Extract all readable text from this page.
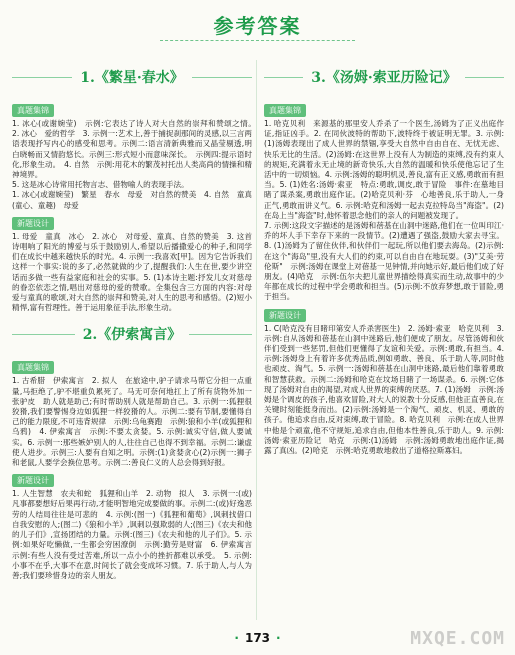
参考答案
1.《繁星·春水》
真题集锦

1. 冰心(或谢婉莹)　示例:它表达了诗人对大自然的崇拜和赞颂之情。　2. 冰心　爱的哲学　3. 示例一:艺术上,善于捕捉刹那间的灵感,以三言两语表现抒写内心的感受和思考。示例二:语言清新典雅而又晶莹剔透,明白晓畅而又情韵悠长。示例三:形式短小而意味深长。　示例四:提示语时化,形象生动。　4. 自然　示例:用花木的繁茂衬托出人类高尚的情操和精神境界。

5. 这是冰心诗常用托物言志、借物喻人的表现手法。

1. 冰心(或谢婉莹)　繁星　春水　母爱　对自然的赞美　4. 自然　童真(童心、童趣)　母爱

新题设计

1. 母爱　童真　冰心　2. 冰心　对母爱、童真、自然的赞美　3. 这首诗唱响了阳光的博爱与乐于鼓励别人,希望以后播撒爱心的种子,和同学们在成长中越来越快乐的时光。4. 示例一:我喜欢[甲]。因为它告诉我们这样一个事实:说的多了,必然就做的少了,提醒我们:人生在世,要少讲空话而多做一些有益家庭和社会的实事。5. (1)本诗主题:抒发儿女对慈母的眷恋依恋之情,唱出对慈母的爱的赞歌。全集包含三方面的内容:对母爱与童真的歌颂,对大自然的崇拜和赞美,对人生的思考和感悟。(2)短小精悍,富有哲理性。善于运用象征手法,形象生动。

2.《伊索寓言》
真题集锦

1. 古希腊　伊索寓言　2. 拟人　在旅途中,驴子请求马帮它分担一点重量,马拒绝了,驴不堪重负累死了。马无可奈何地扛上了所有货物外加一张驴皮　助人就是助己;有时帮助别人就是帮助自己。3. 示例一:狐狸很狡猾,我们要警惕身边如狐狸一样狡猾的人。示例二:要有节制,要懂得自己的能力限度,不可违背规律　示例:乌龟赛跑　示例:狼和小羊(或狐狸和乌鸦)　4. 伊索寓言　示例:不要太贪婪。5. 示例:诚实守信,做人要诚实。6. 示例一:那些嫉妒别人的人,往往自己也得不到幸福。示例二:谦虚使人进步。示例三:人要有自知之明。示例:(1)贪婪贪心(2)示例一:狮子和老鼠,人要学会换位思考。示例二:善良仁义的人总会得到好报。

新题设计

1. 人生智慧　农夫和蛇　狐狸和山羊　2. 动物　拟人　3. 示例一:(或)凡事都要想好后果再行动,才能明智地完成要做的事。示例二:(或)好逸恶劳的人结局往往是可悲的　4. 示例:(图一)《狐狸和葡萄》,讽刺找借口自我安慰的人;(图二)《狼和小羊》,讽刺以强欺弱的人;(图三)《农夫和他的儿子们》,宣扬团结的力量。示例:(图三)《农夫和他的儿子们》。5. 示例:如果好吃懒做,一生都会穷困潦倒　示例:勤劳是财富　6. 伊索寓言　示例:有些人没有受过苦难,所以一点小小的挫折都难以承受。　5. 示例:小事不在乎,大事不在意,时间长了就会变成坏习惯。7. 乐于助人,与人为善;我们要珍惜身边的亲人朋友。

3.《汤姆·索亚历险记》
真题集锦

1. 哈克贝利　来源基的那里安人乔杀了一个医生,汤姆为了正义出庭作证,指证凶手。2. 在同伙波特的帮助下,波特终于被证明无罪。3. 示例:(1)汤姆表现出了成人世界的禁锢,享受大自然中自由自在、无忧无虑、快乐无比的生活。(2)汤姆:在这世界上没有人为制造的束缚,没有约束人的规矩,充满着永无止境的新奇快乐,大自然的温暖和快乐使他忘记了生活中的一切烦恼。4. 示例:汤姆的聪明机灵,善良,富有正义感,勇敢而有担当。5. (1)姓名:汤姆·索亚　特点:勇敢,调皮,敢于冒险　事件:在墓地目睹了谋杀案,勇敢出庭作证。(2)哈克贝利·芬　心地善良,乐于助人,一身正气,勇敢而讲义气。6. 示例:哈克和汤姆一起去克拉特岛当"海盗"。(2)在岛上当"海盗"时,他怀着思念他们的亲人的问题被发现了。

7. 示例:这段文字描述的是汤姆和蓓基在山洞中迷路,他们在一位叫印江·乔的坏人手下幸存下来的一段情节。(2)遭遇了强盗,鼓励大家去寻宝。8. (1)汤姆为了留住伙伴,和伙伴们一起玩,所以他们要去海岛。(2)示例:在这个"海岛"里,没有大人们的约束,可以自由自在地玩耍。(3)"艾美·劳伦斯"　示例:汤姆在课堂上对蓓基一见钟情,并向她示好,最后他们成了好朋友。(4)哈克　示例:伍尔夫把儿童世界描绘得真实而生动,故事中的少年都在成长的过程中学会勇敢和担当。(5)示例:不放弃梦想,敢于冒险,勇于担当。

新题设计

1. C(哈克没有目睹印第安人乔杀害医生)　2. 汤姆·索亚　哈克贝利　3. 示例:自从汤姆和蓓基在山洞中迷路后,他们便成了朋友。尽管汤姆和伙伴们受到一些惩罚,但他们更懂得了友谊和关爱。示例:勇敢,有担当。4. 示例:汤姆身上有着许多优秀品质,例如勇敢、善良、乐于助人等,同时他也顽皮、淘气。5. 示例一:汤姆和蓓基在山洞中迷路,最后他们靠着勇敢和智慧获救。示例二:汤姆和哈克在坟场目睹了一场谋杀。6. 示例:它体现了汤姆对自由的渴望,对成人世界的束缚的厌恶。7. (1)汤姆　示例:汤姆是个调皮的孩子,他喜欢冒险,对大人的说教十分反感,但他正直善良,在关键时刻能挺身而出。(2)示例:汤姆是一个淘气、顽皮、机灵、勇敢的孩子。他追求自由,反对束缚,敢于冒险。8. 哈克贝利　示例:在成人世界中他是个顽童,他不守规矩,追求自由,但他本性善良,乐于助人。9. 示例:汤姆·索亚历险记　哈克　示例:(1)汤姆　示例:汤姆勇敢地出庭作证,揭露了真凶。(2)哈克　示例:哈克勇敢地救出了道格拉斯寡妇。

· 173 ·	MXQE.COM
